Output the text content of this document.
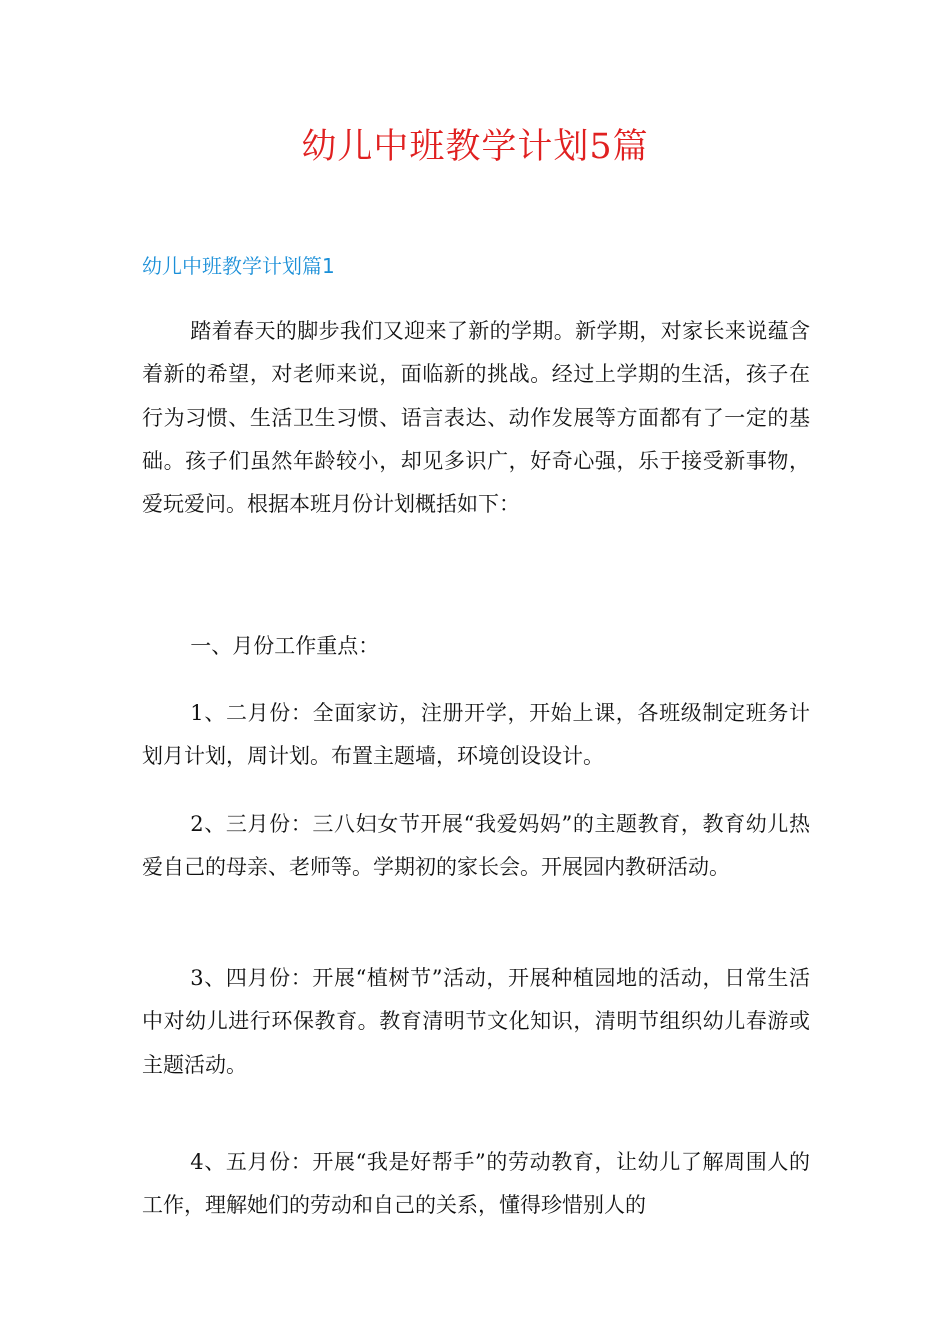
幼儿中班教学计划5篇
幼儿中班教学计划篇1

踏着春天的脚步我们又迎来了新的学期。新学期，对家长来说蕴含着新的希望，对老师来说，面临新的挑战。经过上学期的生活，孩子在行为习惯、生活卫生习惯、语言表达、动作发展等方面都有了一定的基础。孩子们虽然年龄较小，却见多识广，好奇心强，乐于接受新事物，爱玩爱问。根据本班月份计划概括如下：

一、月份工作重点：

1、二月份：全面家访，注册开学，开始上课，各班级制定班务计划月计划，周计划。布置主题墙，环境创设设计。

2、三月份：三八妇女节开展“我爱妈妈”的主题教育，教育幼儿热爱自己的母亲、老师等。学期初的家长会。开展园内教研活动。

3、四月份：开展“植树节”活动，开展种植园地的活动，日常生活中对幼儿进行环保教育。教育清明节文化知识，清明节组织幼儿春游或主题活动。

4、五月份：开展“我是好帮手”的劳动教育，让幼儿了解周围人的工作，理解她们的劳动和自己的关系，懂得珍惜别人的
